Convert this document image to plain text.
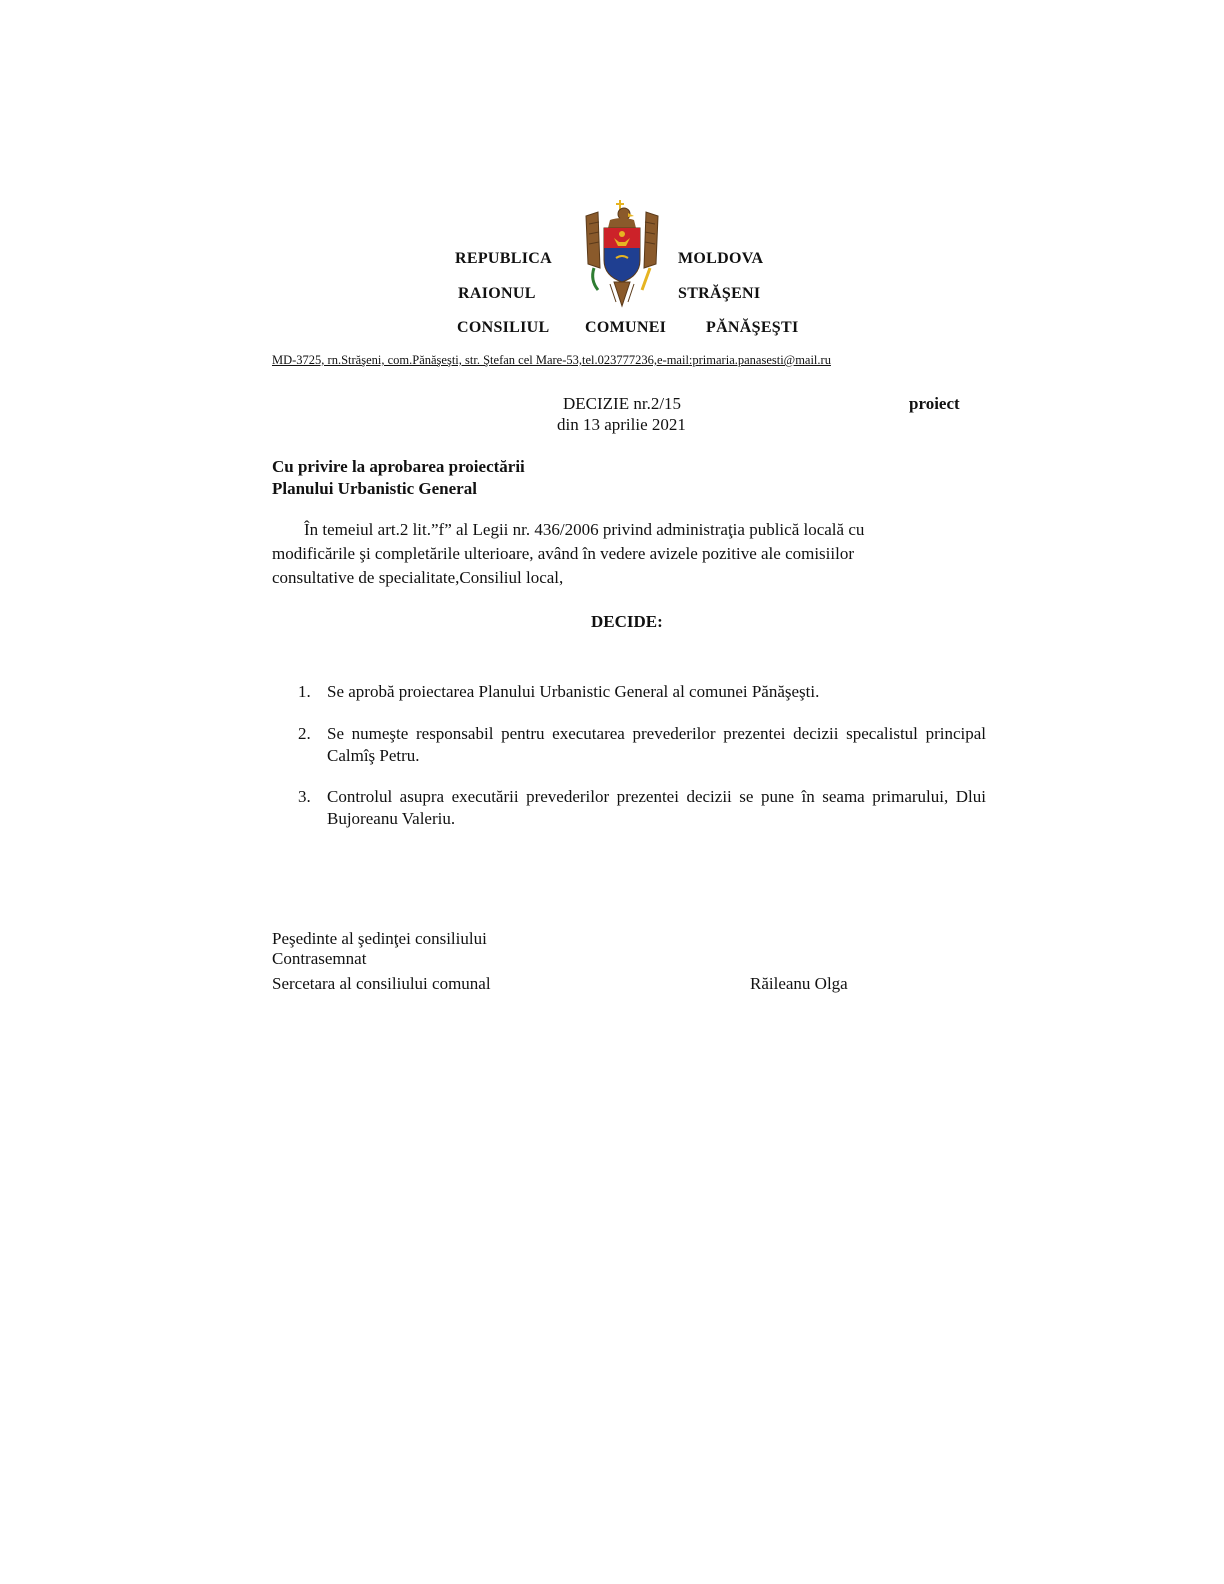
REPUBLICA	MOLDOVA
RAIONUL	STRĂŞENI
CONSILIUL COMUNEI PĂNĂŞEŞTI
MD-3725, rn.Străşeni, com.Pănăşeşti, str. Ştefan cel Mare-53,tel.023777236,e-mail:primaria.panasesti@mail.ru
DECIZIE nr.2/15	proiect
din 13 aprilie 2021
Cu privire la aprobarea proiectării
Planului Urbanistic General
În temeiul art.2 lit.”f” al Legii nr. 436/2006 privind administraţia publică locală cu
modificările şi completările ulterioare, având în vedere avizele pozitive ale comisiilor
consultative de specialitate,Consiliul local,
DECIDE:
1. Se aprobă proiectarea Planului Urbanistic General al comunei Pănăşeşti.
2. Se numeşte responsabil pentru executarea prevederilor prezentei decizii specalistul principal Calmîş Petru.
3. Controlul asupra executării prevederilor prezentei decizii se pune în seama primarului, Dlui Bujoreanu Valeriu.
Peşedinte al şedinţei consiliului
Contrasemnat
Sercetara al consiliului comunal	Răileanu Olga
